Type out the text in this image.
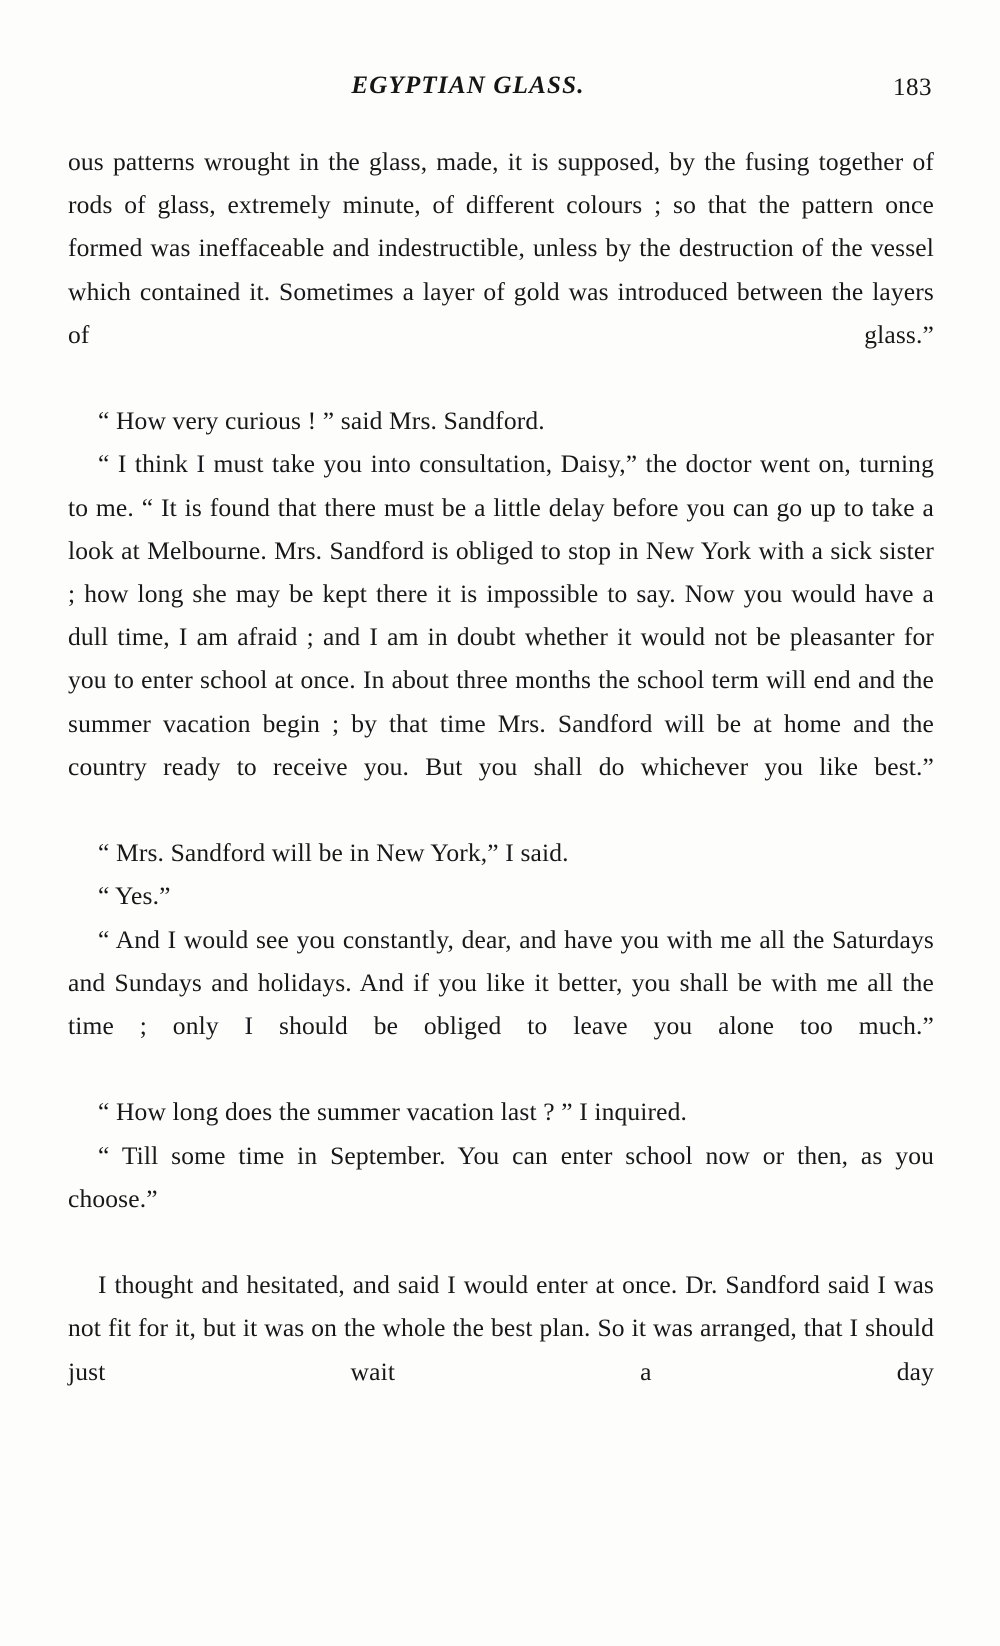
EGYPTIAN GLASS.	183

ous patterns wrought in the glass, made, it is supposed, by the fusing together of rods of glass, extremely minute, of different colours ; so that the pattern once formed was ineffaceable and indestructible, unless by the destruction of the vessel which contained it. Sometimes a layer of gold was introduced between the layers of glass.”

“ How very curious ! ” said Mrs. Sandford.

“ I think I must take you into consultation, Daisy,” the doctor went on, turning to me. “ It is found that there must be a little delay before you can go up to take a look at Melbourne. Mrs. Sandford is obliged to stop in New York with a sick sister ; how long she may be kept there it is impossible to say. Now you would have a dull time, I am afraid ; and I am in doubt whether it would not be pleasanter for you to enter school at once. In about three months the school term will end and the summer vacation begin ; by that time Mrs. Sandford will be at home and the country ready to receive you. But you shall do whichever you like best.”

“ Mrs. Sandford will be in New York,” I said.

“ Yes.”

“ And I would see you constantly, dear, and have you with me all the Saturdays and Sundays and holidays. And if you like it better, you shall be with me all the time ; only I should be obliged to leave you alone too much.”

“ How long does the summer vacation last ? ” I inquired.

“ Till some time in September. You can enter school now or then, as you choose.”

I thought and hesitated, and said I would enter at once. Dr. Sandford said I was not fit for it, but it was on the whole the best plan. So it was arranged, that I should just wait a day
